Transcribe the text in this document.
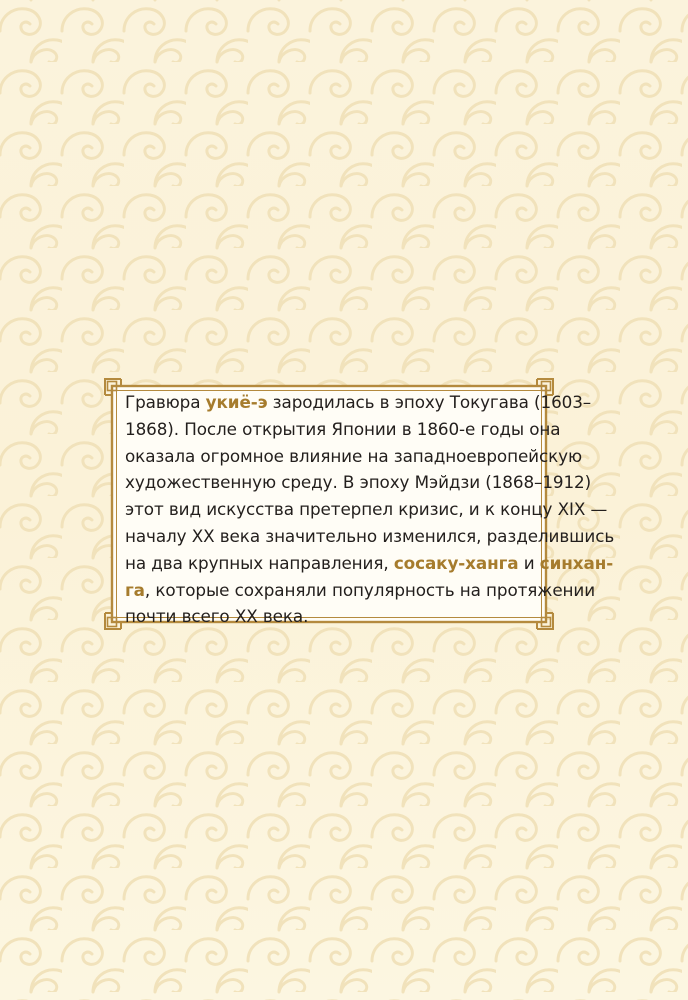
Гравюра укиё-э зародилась в эпоху Токугава (1603–
1868). После открытия Японии в 1860-е годы она
оказала огромное влияние на западноевропейскую
художественную среду. В эпоху Мэйдзи (1868–1912)
этот вид искусства претерпел кризис, и к концу XIX —
началу XX века значительно изменился, разделившись
на два крупных направления, сосаку-ханга и синхан-
га, которые сохраняли популярность на протяжении
почти всего XX века.
